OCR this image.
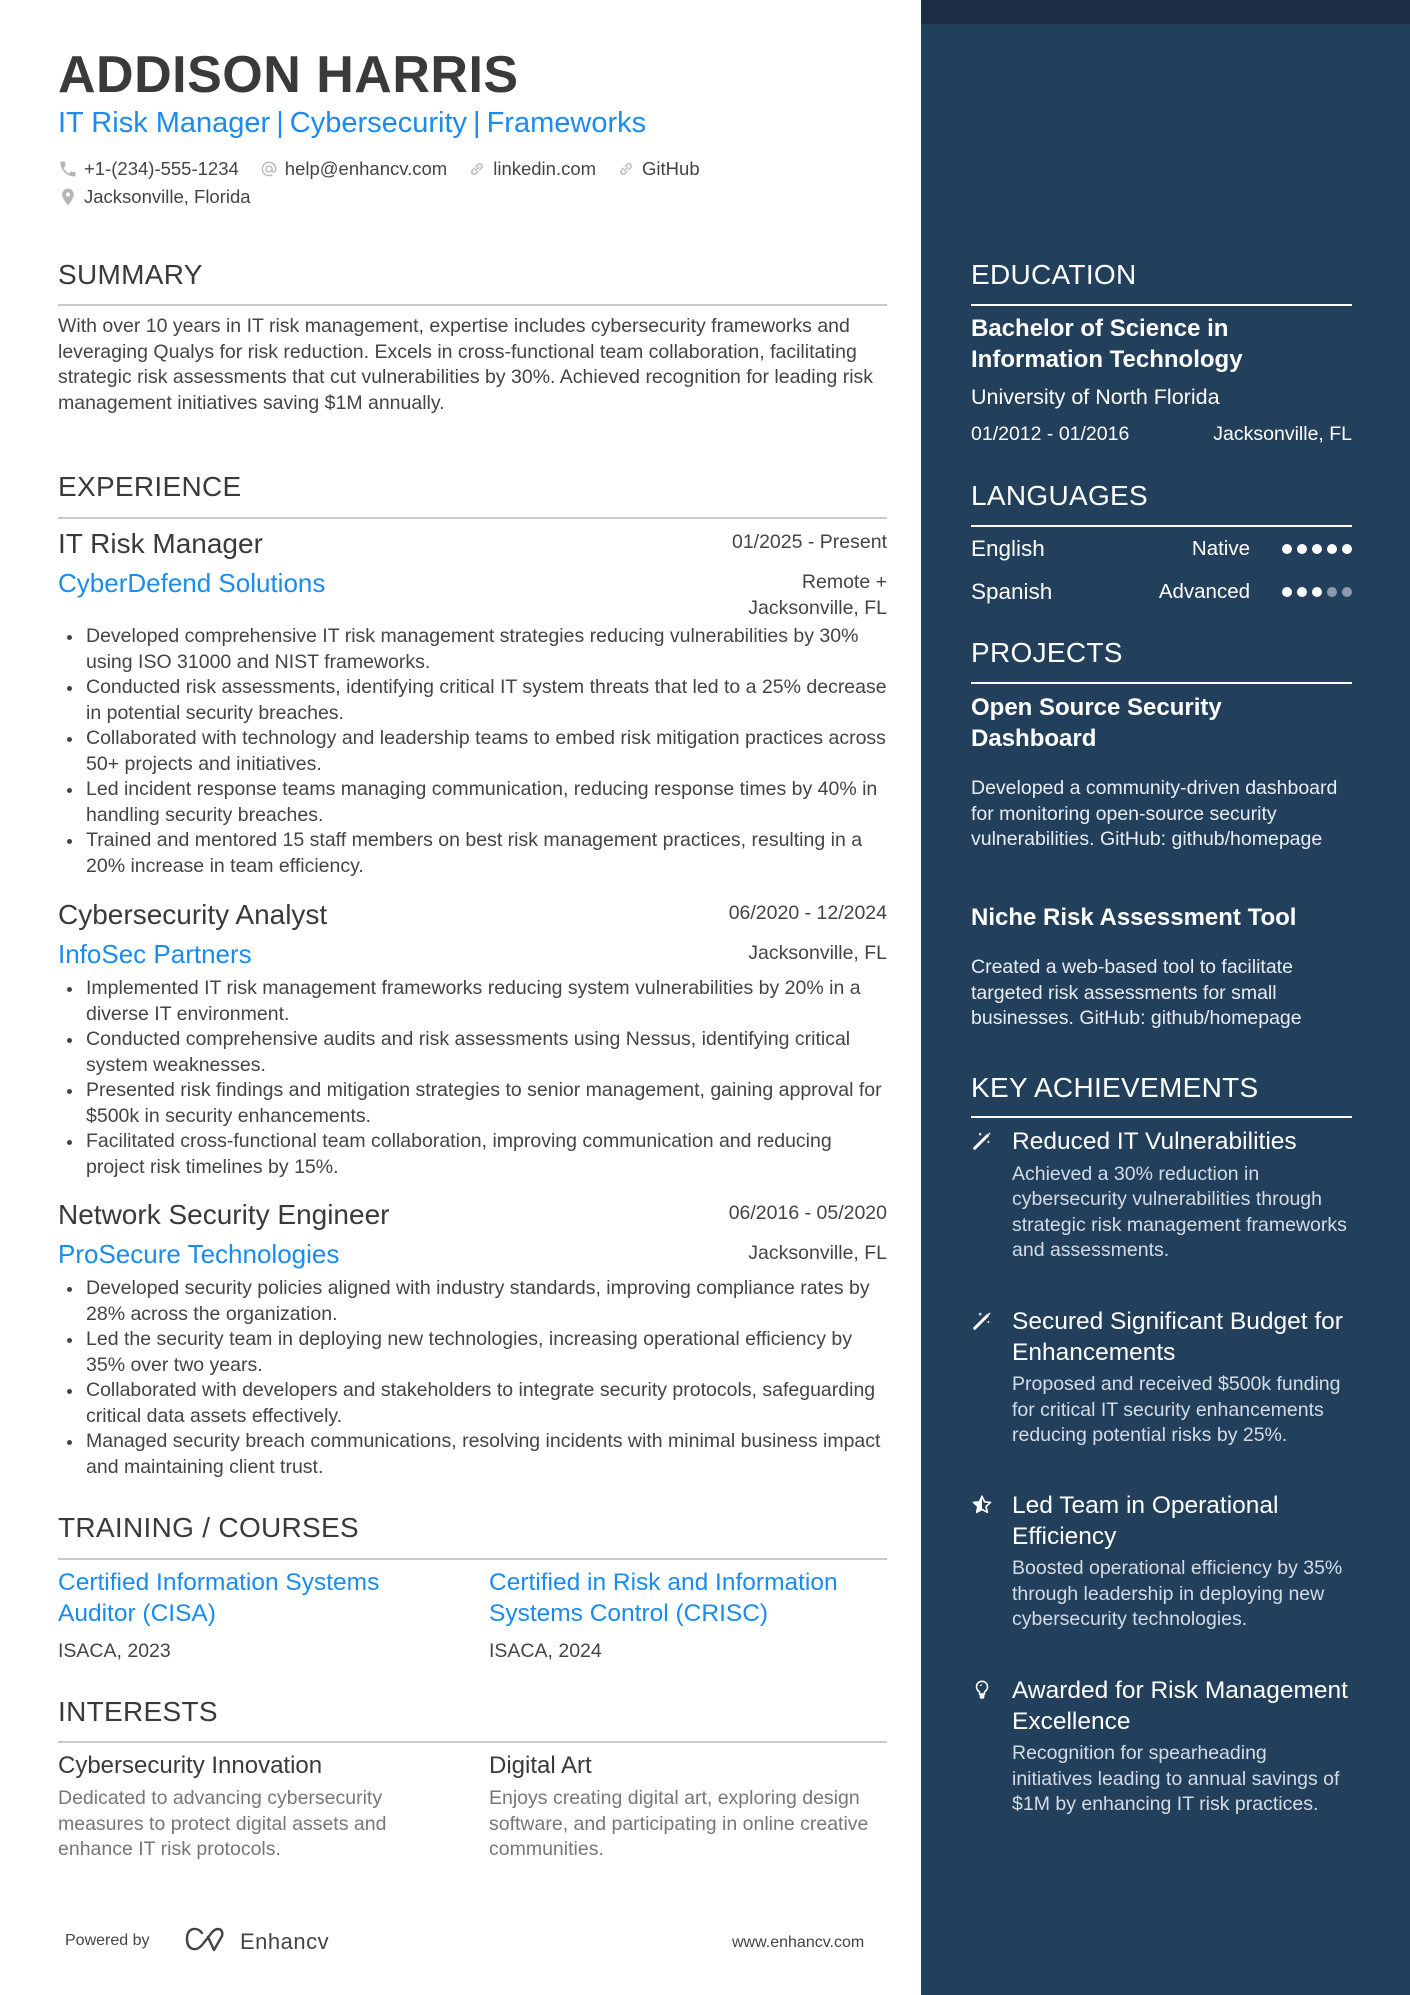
ADDISON HARRIS
IT Risk Manager | Cybersecurity | Frameworks
+1-(234)-555-1234 help@enhancv.com linkedin.com GitHub
Jacksonville, Florida
SUMMARY
With over 10 years in IT risk management, expertise includes cybersecurity frameworks and leveraging Qualys for risk reduction. Excels in cross-functional team collaboration, facilitating strategic risk assessments that cut vulnerabilities by 30%. Achieved recognition for leading risk management initiatives saving $1M annually.
EXPERIENCE
IT Risk Manager	01/2025 - Present
CyberDefend Solutions	Remote + Jacksonville, FL
Developed comprehensive IT risk management strategies reducing vulnerabilities by 30% using ISO 31000 and NIST frameworks.
Conducted risk assessments, identifying critical IT system threats that led to a 25% decrease in potential security breaches.
Collaborated with technology and leadership teams to embed risk mitigation practices across 50+ projects and initiatives.
Led incident response teams managing communication, reducing response times by 40% in handling security breaches.
Trained and mentored 15 staff members on best risk management practices, resulting in a 20% increase in team efficiency.
Cybersecurity Analyst	06/2020 - 12/2024
InfoSec Partners	Jacksonville, FL
Implemented IT risk management frameworks reducing system vulnerabilities by 20% in a diverse IT environment.
Conducted comprehensive audits and risk assessments using Nessus, identifying critical system weaknesses.
Presented risk findings and mitigation strategies to senior management, gaining approval for $500k in security enhancements.
Facilitated cross-functional team collaboration, improving communication and reducing project risk timelines by 15%.
Network Security Engineer	06/2016 - 05/2020
ProSecure Technologies	Jacksonville, FL
Developed security policies aligned with industry standards, improving compliance rates by 28% across the organization.
Led the security team in deploying new technologies, increasing operational efficiency by 35% over two years.
Collaborated with developers and stakeholders to integrate security protocols, safeguarding critical data assets effectively.
Managed security breach communications, resolving incidents with minimal business impact and maintaining client trust.
TRAINING / COURSES
Certified Information Systems Auditor (CISA)
ISACA, 2023
Certified in Risk and Information Systems Control (CRISC)
ISACA, 2024
INTERESTS
Cybersecurity Innovation
Dedicated to advancing cybersecurity measures to protect digital assets and enhance IT risk protocols.
Digital Art
Enjoys creating digital art, exploring design software, and participating in online creative communities.
Powered by	Enhancv	www.enhancv.com
EDUCATION
Bachelor of Science in Information Technology
University of North Florida
01/2012 - 01/2016	Jacksonville, FL
LANGUAGES
English	Native
Spanish	Advanced
PROJECTS
Open Source Security Dashboard
Developed a community-driven dashboard for monitoring open-source security vulnerabilities. GitHub: github/homepage
Niche Risk Assessment Tool
Created a web-based tool to facilitate targeted risk assessments for small businesses. GitHub: github/homepage
KEY ACHIEVEMENTS
Reduced IT Vulnerabilities
Achieved a 30% reduction in cybersecurity vulnerabilities through strategic risk management frameworks and assessments.
Secured Significant Budget for Enhancements
Proposed and received $500k funding for critical IT security enhancements reducing potential risks by 25%.
Led Team in Operational Efficiency
Boosted operational efficiency by 35% through leadership in deploying new cybersecurity technologies.
Awarded for Risk Management Excellence
Recognition for spearheading initiatives leading to annual savings of $1M by enhancing IT risk practices.
